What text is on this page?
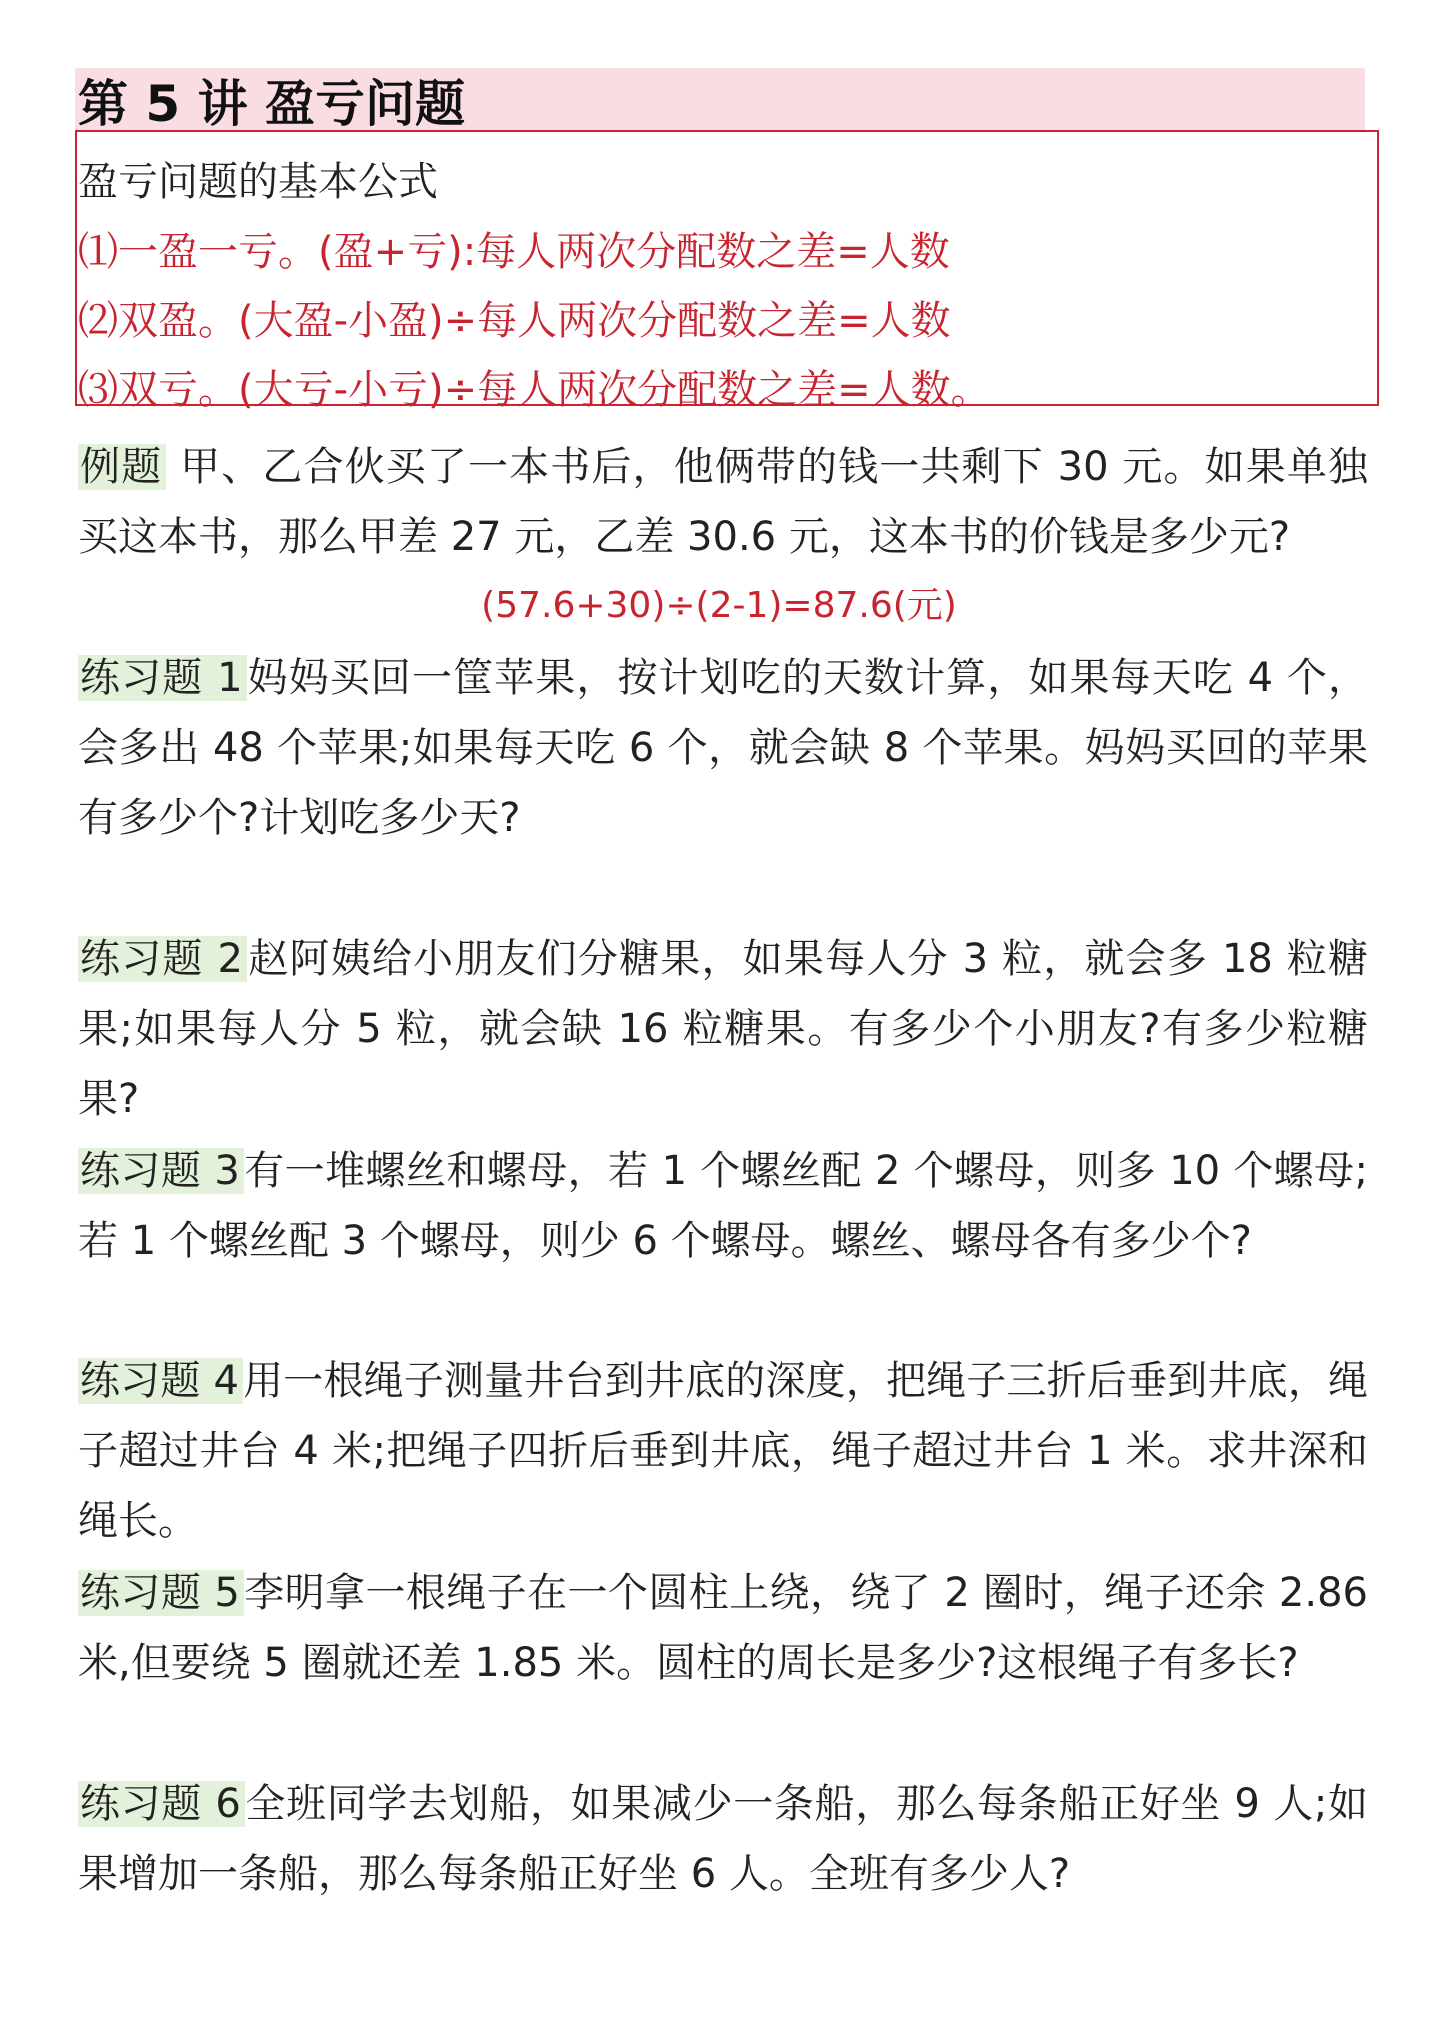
第 5 讲 盈亏问题
盈亏问题的基本公式
⑴一盈一亏。(盈+亏):每人两次分配数之差=人数
⑵双盈。(大盈-小盈)÷每人两次分配数之差=人数
⑶双亏。(大亏-小亏)÷每人两次分配数之差=人数。
例题 甲、乙合伙买了一本书后，他俩带的钱一共剩下 30 元。如果单独买这本书，那么甲差 27 元，乙差 30.6 元，这本书的价钱是多少元?
(57.6+30)÷(2-1)=87.6(元)
练习题 1 妈妈买回一筐苹果，按计划吃的天数计算，如果每天吃 4 个，会多出 48 个苹果;如果每天吃 6 个，就会缺 8 个苹果。妈妈买回的苹果有多少个?计划吃多少天?
练习题 2 赵阿姨给小朋友们分糖果，如果每人分 3 粒，就会多 18 粒糖果;如果每人分 5 粒，就会缺 16 粒糖果。有多少个小朋友?有多少粒糖果?
练习题 3 有一堆螺丝和螺母，若 1 个螺丝配 2 个螺母，则多 10 个螺母;若 1 个螺丝配 3 个螺母，则少 6 个螺母。螺丝、螺母各有多少个?
练习题 4 用一根绳子测量井台到井底的深度，把绳子三折后垂到井底，绳子超过井台 4 米;把绳子四折后垂到井底，绳子超过井台 1 米。求井深和绳长。
练习题 5 李明拿一根绳子在一个圆柱上绕，绕了 2 圈时，绳子还余 2.86 米,但要绕 5 圈就还差 1.85 米。圆柱的周长是多少?这根绳子有多长?
练习题 6 全班同学去划船，如果减少一条船，那么每条船正好坐 9 人;如果增加一条船，那么每条船正好坐 6 人。全班有多少人?
